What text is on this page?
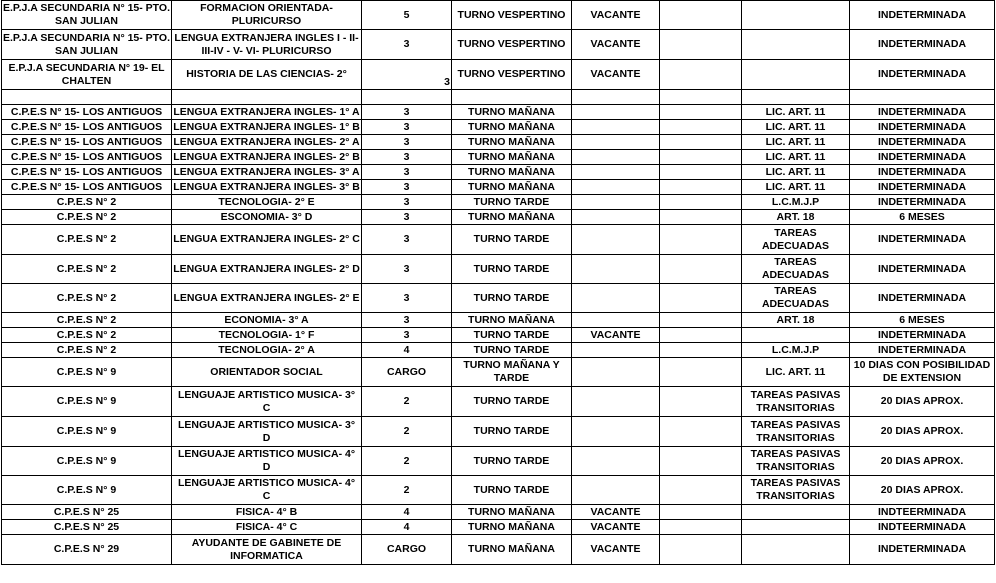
E.P.J.A SECUNDARIA N° 15- PTO. SAN JULIAN	FORMACION ORIENTADA- PLURICURSO	5	TURNO VESPERTINO	VACANTE			INDETERMINADA
E.P.J.A SECUNDARIA N° 15- PTO. SAN JULIAN	LENGUA EXTRANJERA INGLES I - II-III-IV - V- VI- PLURICURSO	3	TURNO VESPERTINO	VACANTE			INDETERMINADA
E.P.J.A SECUNDARIA N° 19- EL CHALTEN	HISTORIA DE LAS CIENCIAS- 2°	3	TURNO VESPERTINO	VACANTE			INDETERMINADA

C.P.E.S N° 15- LOS ANTIGUOS	LENGUA EXTRANJERA INGLES- 1° A	3	TURNO MAÑANA			LIC. ART. 11	INDETERMINADA
C.P.E.S N° 15- LOS ANTIGUOS	LENGUA EXTRANJERA INGLES- 1° B	3	TURNO MAÑANA			LIC. ART. 11	INDETERMINADA
C.P.E.S N° 15- LOS ANTIGUOS	LENGUA EXTRANJERA INGLES- 2° A	3	TURNO MAÑANA			LIC. ART. 11	INDETERMINADA
C.P.E.S N° 15- LOS ANTIGUOS	LENGUA EXTRANJERA INGLES- 2° B	3	TURNO MAÑANA			LIC. ART. 11	INDETERMINADA
C.P.E.S N° 15- LOS ANTIGUOS	LENGUA EXTRANJERA INGLES- 3° A	3	TURNO MAÑANA			LIC. ART. 11	INDETERMINADA
C.P.E.S N° 15- LOS ANTIGUOS	LENGUA EXTRANJERA INGLES- 3° B	3	TURNO MAÑANA			LIC. ART. 11	INDETERMINADA
C.P.E.S N° 2	TECNOLOGIA- 2° E	3	TURNO TARDE			L.C.M.J.P	INDETERMINADA
C.P.E.S N° 2	ESCONOMIA- 3° D	3	TURNO MAÑANA			ART. 18	6 MESES
C.P.E.S N° 2	LENGUA EXTRANJERA INGLES- 2° C	3	TURNO TARDE			TAREAS ADECUADAS	INDETERMINADA
C.P.E.S N° 2	LENGUA EXTRANJERA INGLES- 2° D	3	TURNO TARDE			TAREAS ADECUADAS	INDETERMINADA
C.P.E.S N° 2	LENGUA EXTRANJERA INGLES- 2° E	3	TURNO TARDE			TAREAS ADECUADAS	INDETERMINADA
C.P.E.S N° 2	ECONOMIA- 3° A	3	TURNO MAÑANA			ART. 18	6 MESES
C.P.E.S N° 2	TECNOLOGIA- 1° F	3	TURNO TARDE	VACANTE			INDETERMINADA
C.P.E.S N° 2	TECNOLOGIA- 2° A	4	TURNO TARDE			L.C.M.J.P	INDETERMINADA
C.P.E.S N° 9	ORIENTADOR SOCIAL	CARGO	TURNO MAÑANA Y TARDE			LIC. ART. 11	10 DIAS CON POSIBILIDAD DE EXTENSION
C.P.E.S N° 9	LENGUAJE ARTISTICO MUSICA- 3° C	2	TURNO TARDE			TAREAS PASIVAS TRANSITORIAS	20 DIAS APROX.
C.P.E.S N° 9	LENGUAJE ARTISTICO MUSICA- 3° D	2	TURNO TARDE			TAREAS PASIVAS TRANSITORIAS	20 DIAS APROX.
C.P.E.S N° 9	LENGUAJE ARTISTICO MUSICA- 4° D	2	TURNO TARDE			TAREAS PASIVAS TRANSITORIAS	20 DIAS APROX.
C.P.E.S N° 9	LENGUAJE ARTISTICO MUSICA- 4° C	2	TURNO TARDE			TAREAS PASIVAS TRANSITORIAS	20 DIAS APROX.
C.P.E.S N° 25	FISICA- 4° B	4	TURNO MAÑANA	VACANTE			INDTEERMINADA
C.P.E.S N° 25	FISICA- 4° C	4	TURNO MAÑANA	VACANTE			INDTEERMINADA
C.P.E.S N° 29	AYUDANTE DE GABINETE DE INFORMATICA	CARGO	TURNO MAÑANA	VACANTE			INDETERMINADA
